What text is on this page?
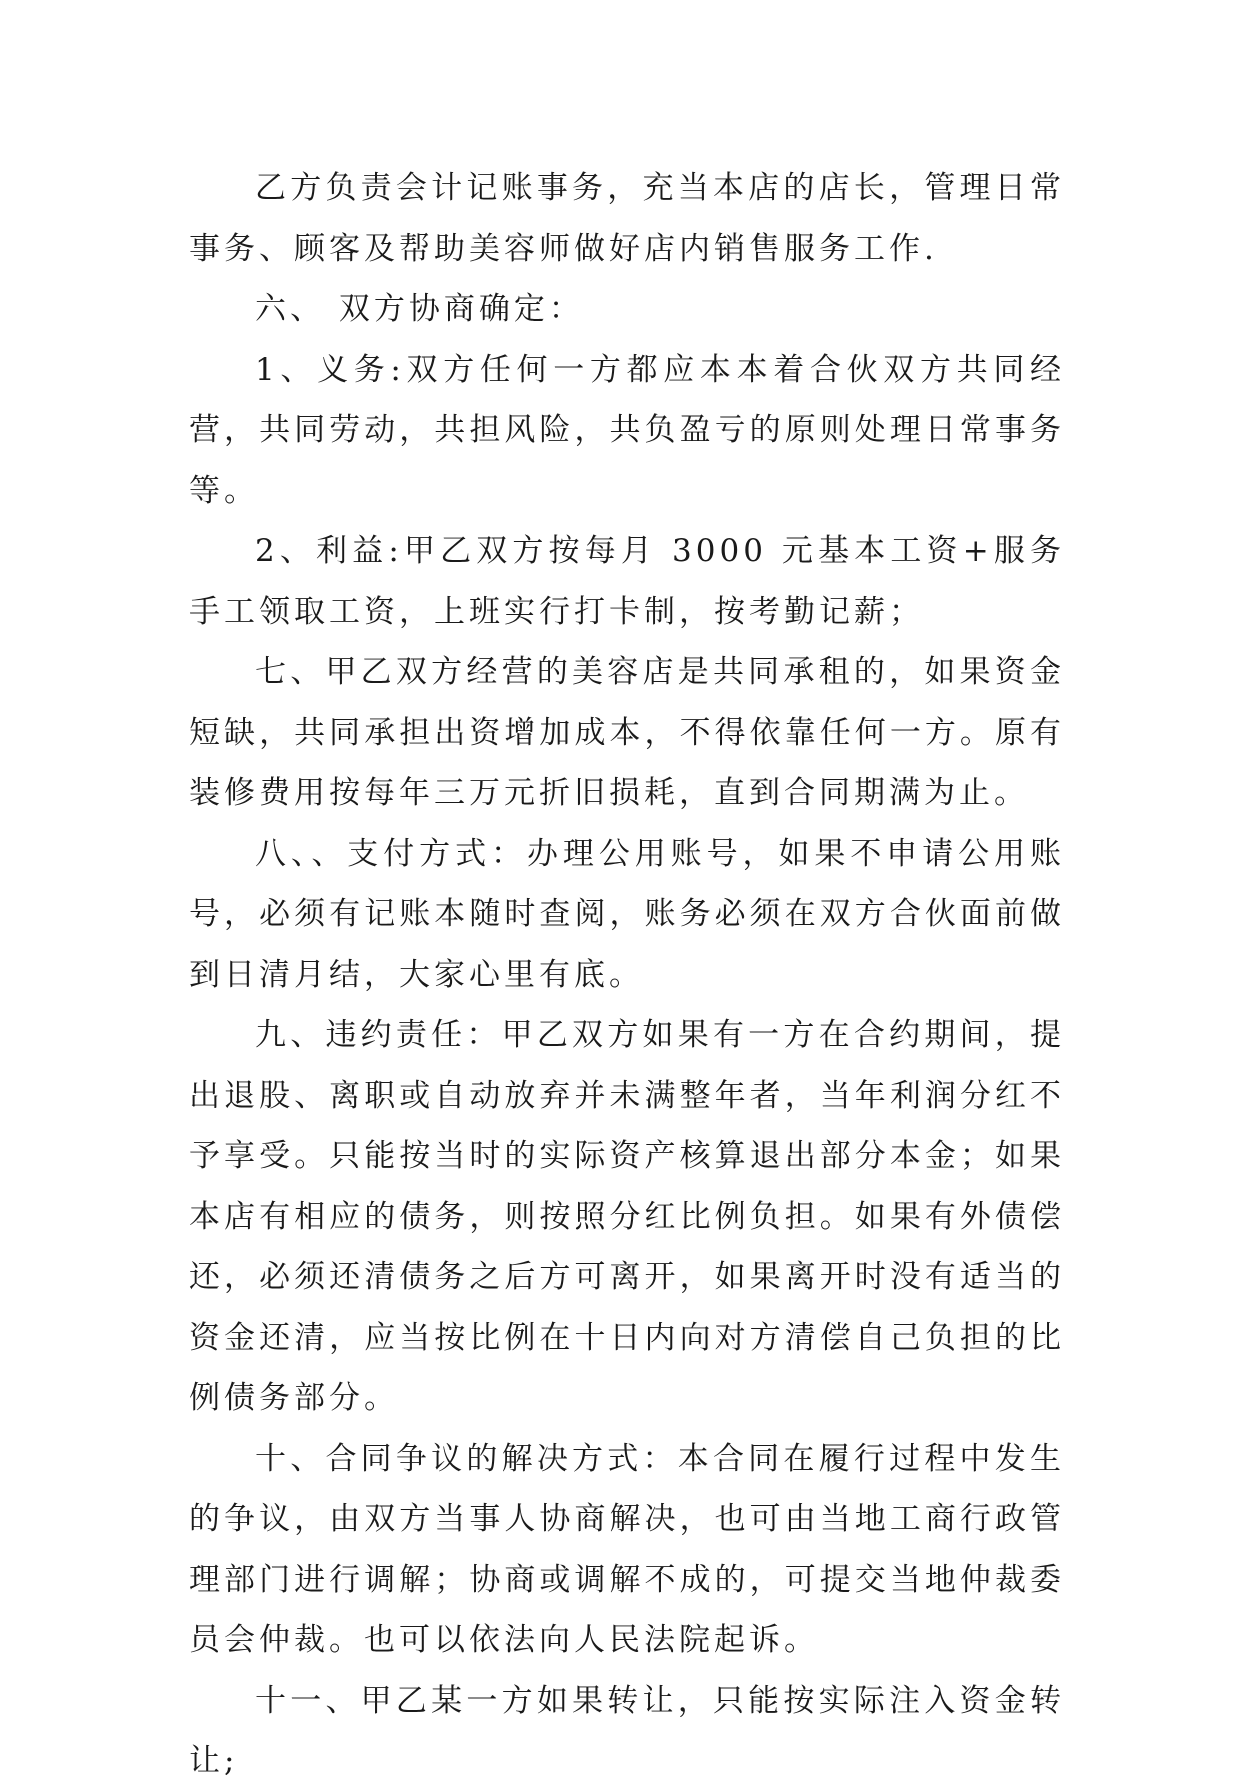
乙方负责会计记账事务，充当本店的店长，管理日常事务、顾客及帮助美容师做好店内销售服务工作.

六、 双方协商确定：

1、义务:双方任何一方都应本本着合伙双方共同经营，共同劳动，共担风险，共负盈亏的原则处理日常事务等。

2、利益:甲乙双方按每月 3000 元基本工资+服务手工领取工资，上班实行打卡制，按考勤记薪；

七、甲乙双方经营的美容店是共同承租的，如果资金短缺，共同承担出资增加成本，不得依靠任何一方。原有装修费用按每年三万元折旧损耗，直到合同期满为止。

八、、支付方式：办理公用账号，如果不申请公用账号，必须有记账本随时查阅，账务必须在双方合伙面前做到日清月结，大家心里有底。

九、违约责任：甲乙双方如果有一方在合约期间，提出退股、离职或自动放弃并未满整年者，当年利润分红不予享受。只能按当时的实际资产核算退出部分本金；如果本店有相应的债务，则按照分红比例负担。如果有外债偿还，必须还清债务之后方可离开，如果离开时没有适当的资金还清，应当按比例在十日内向对方清偿自己负担的比例债务部分。

十、合同争议的解决方式：本合同在履行过程中发生的争议，由双方当事人协商解决，也可由当地工商行政管理部门进行调解；协商或调解不成的，可提交当地仲裁委员会仲裁。也可以依法向人民法院起诉。

十一、甲乙某一方如果转让，只能按实际注入资金转让;
